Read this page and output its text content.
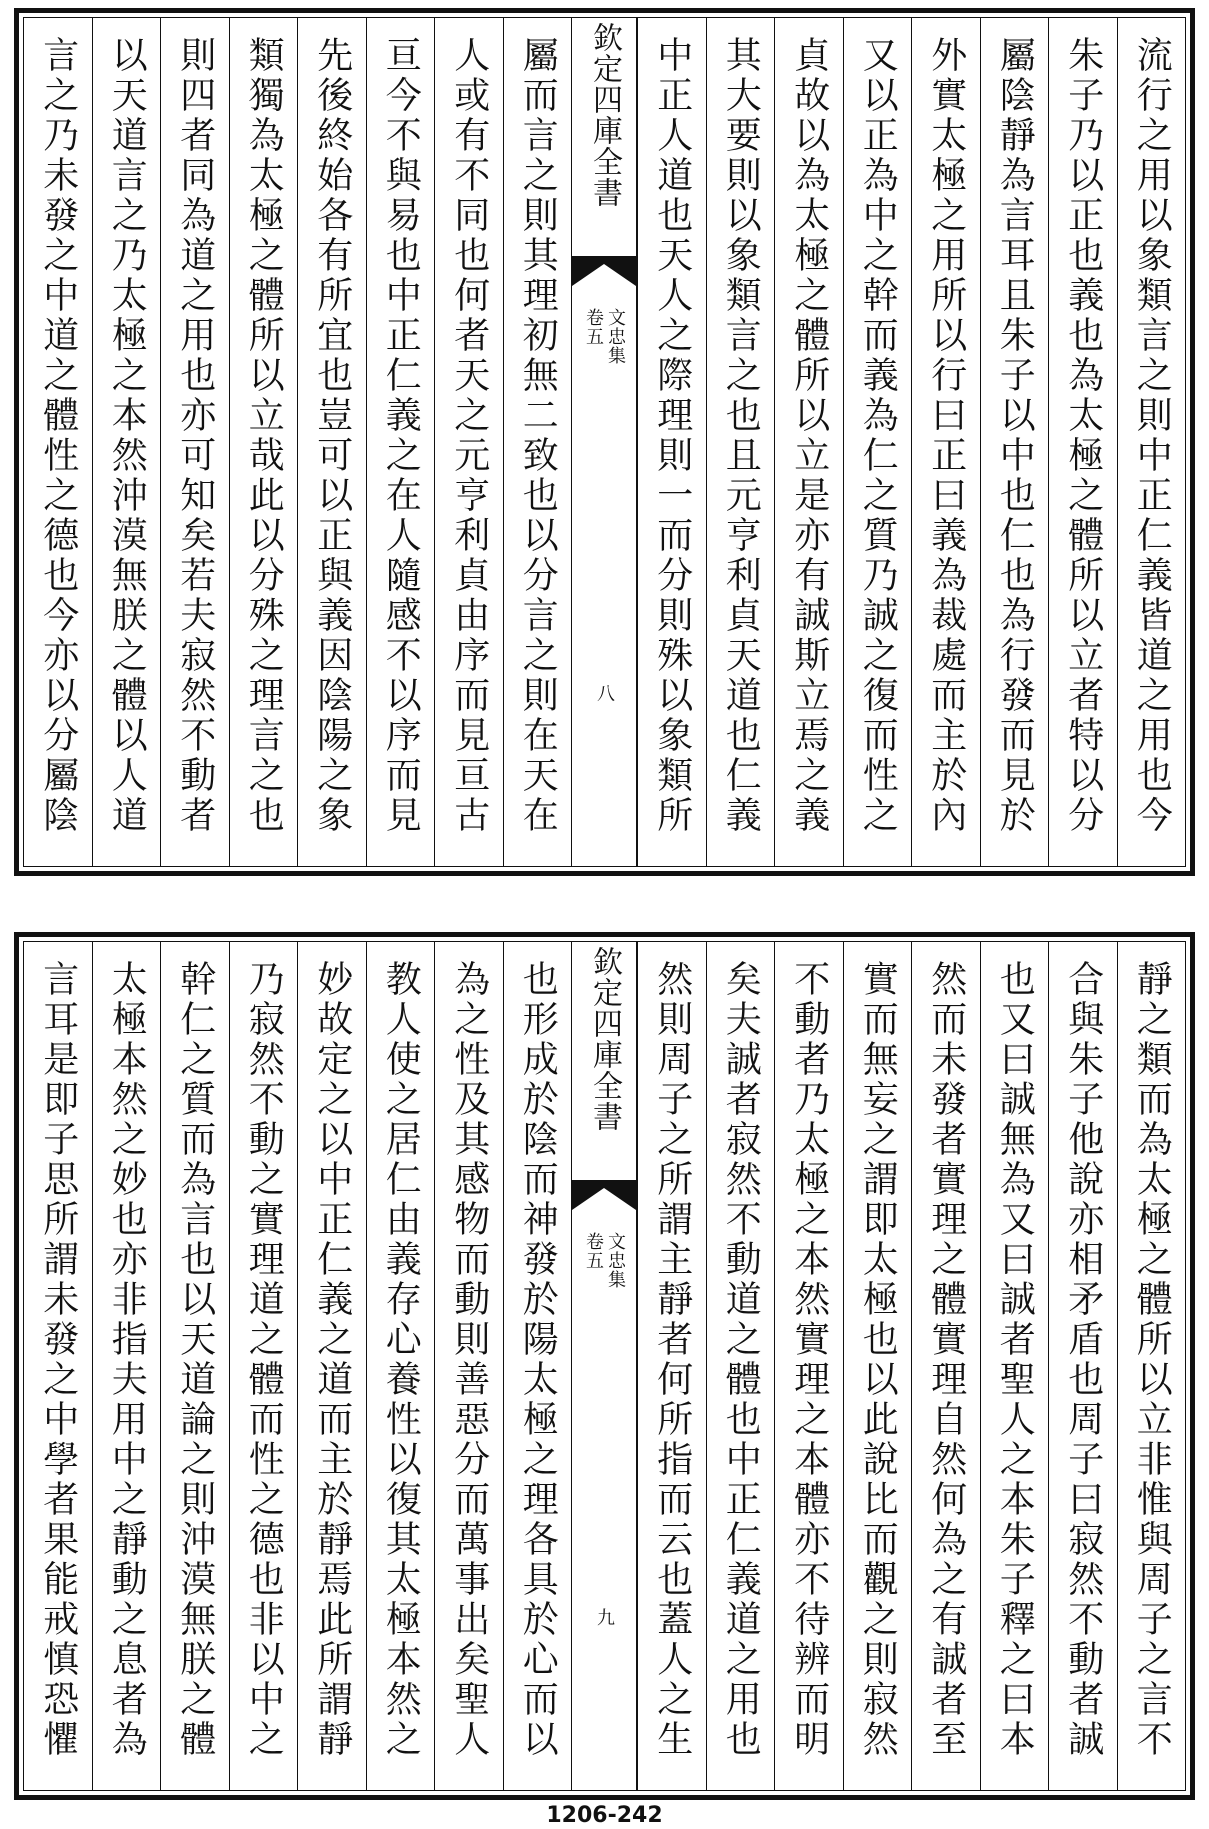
流行之用以象類言之則中正仁義皆道之用也今
朱子乃以正也義也為太極之體所以立者特以分
屬陰靜為言耳且朱子以中也仁也為行發而見於
外實太極之用所以行曰正曰義為裁處而主於內
又以正為中之幹而義為仁之質乃誠之復而性之
貞故以為太極之體所以立是亦有誠斯立焉之義
其大要則以象類言之也且元亨利貞天道也仁義
中正人道也天人之際理則一而分則殊以象類所
欽定四庫全書
文忠集
卷五
八
屬而言之則其理初無二致也以分言之則在天在
人或有不同也何者天之元亨利貞由序而見亘古
亘今不與易也中正仁義之在人隨感不以序而見
先後終始各有所宜也豈可以正與義因陰陽之象
類獨為太極之體所以立哉此以分殊之理言之也
則四者同為道之用也亦可知矣若夫寂然不動者
以天道言之乃太極之本然沖漠無朕之體以人道
言之乃未發之中道之體性之德也今亦以分屬陰
靜之類而為太極之體所以立非惟與周子之言不
合與朱子他說亦相矛盾也周子曰寂然不動者誠
也又曰誠無為又曰誠者聖人之本朱子釋之曰本
然而未發者實理之體實理自然何為之有誠者至
實而無妄之謂即太極也以此說比而觀之則寂然
不動者乃太極之本然實理之本體亦不待辨而明
矣夫誠者寂然不動道之體也中正仁義道之用也
然則周子之所謂主靜者何所指而云也蓋人之生
欽定四庫全書
文忠集
卷五
九
也形成於陰而神發於陽太極之理各具於心而以
為之性及其感物而動則善惡分而萬事出矣聖人
教人使之居仁由義存心養性以復其太極本然之
妙故定之以中正仁義之道而主於靜焉此所謂靜
乃寂然不動之實理道之體而性之德也非以中之
幹仁之質而為言也以天道論之則沖漠無朕之體
太極本然之妙也亦非指夫用中之靜動之息者為
言耳是即子思所謂未發之中學者果能戒慎恐懼
1206-242
